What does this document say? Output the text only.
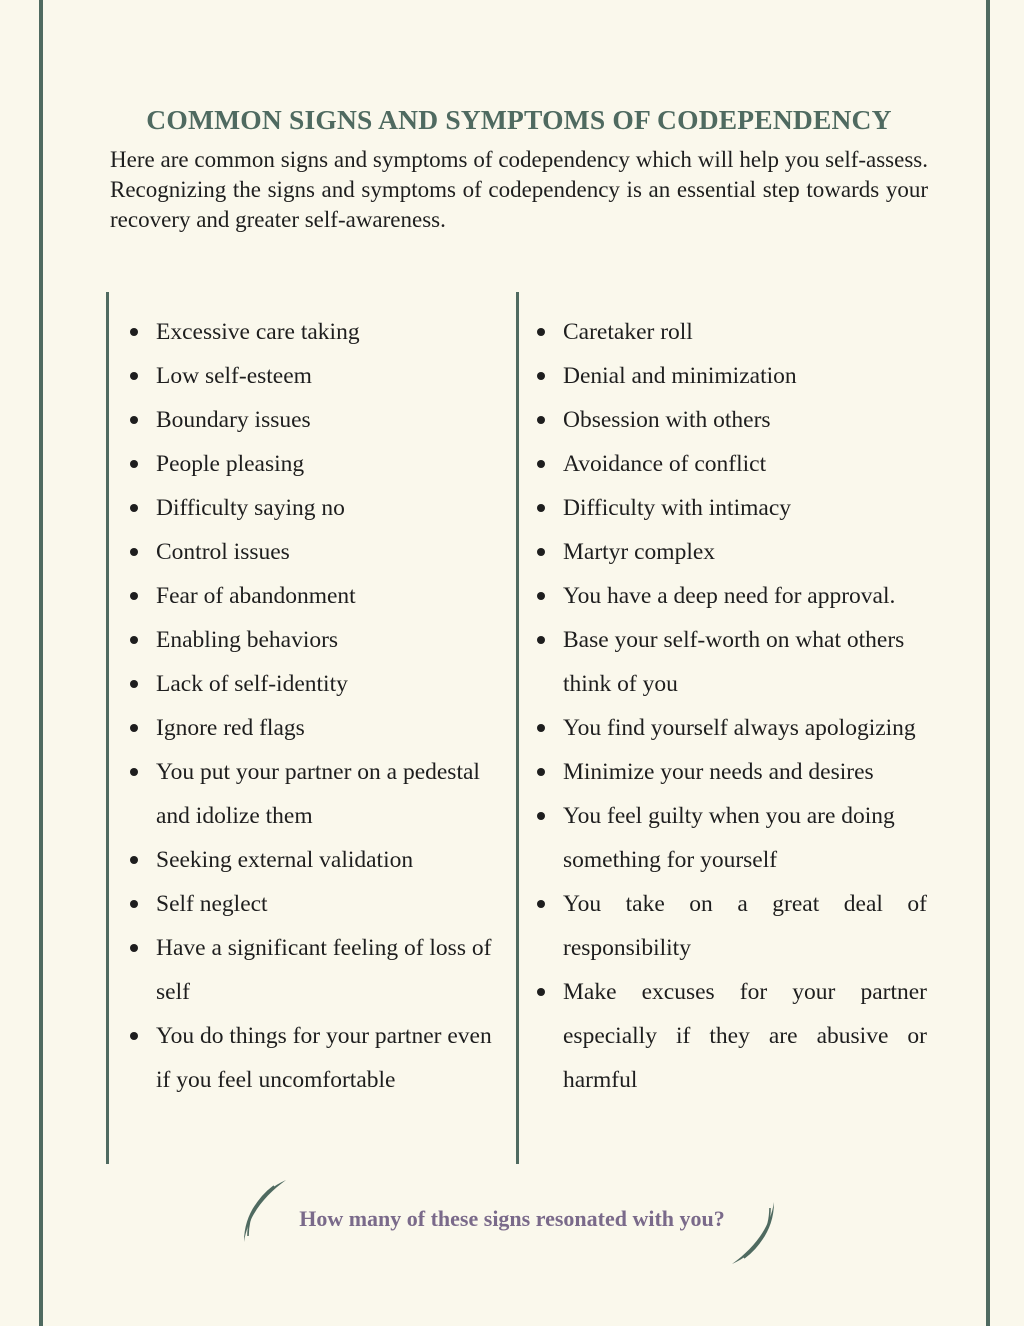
COMMON SIGNS AND SYMPTOMS OF CODEPENDENCY
Here are common signs and symptoms of codependency which will help you self-assess. Recognizing the signs and symptoms of codependency is an essential step towards your recovery and greater self-awareness.
Excessive care taking
Low self-esteem
Boundary issues
People pleasing
Difficulty saying no
Control issues
Fear of abandonment
Enabling behaviors
Lack of self-identity
Ignore red flags
You put your partner on a pedestal and idolize them
Seeking external validation
Self neglect
Have a significant feeling of loss of self
You do things for your partner even if you feel uncomfortable
Caretaker roll
Denial and minimization
Obsession with others
Avoidance of conflict
Difficulty with intimacy
Martyr complex
You have a deep need for approval.
Base your self-worth on what others think of you
You find yourself always apologizing
Minimize your needs and desires
You feel guilty when you are doing something for yourself
You take on a great deal of responsibility
Make excuses for your partner especially if they are abusive or harmful
How many of these signs resonated with you?
